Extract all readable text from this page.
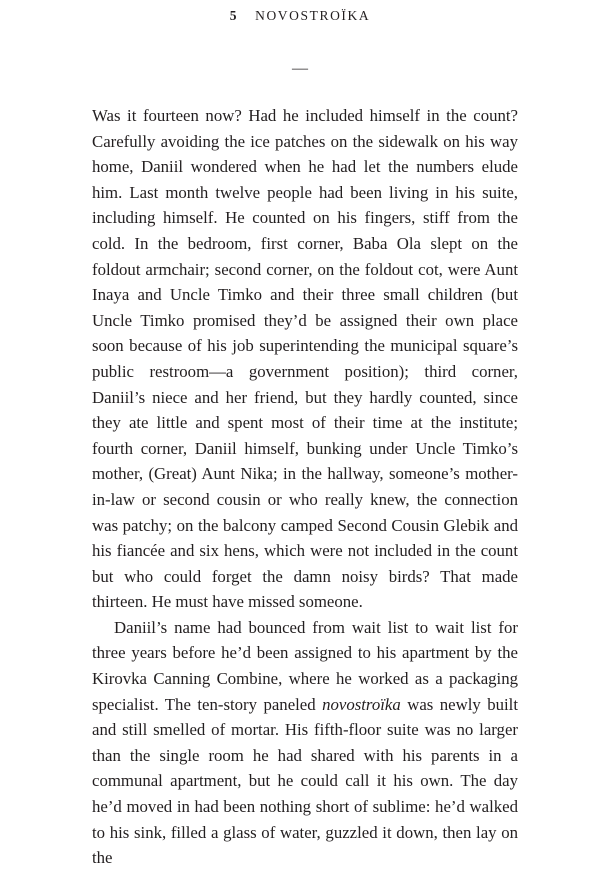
5 NOVOSTROÏKA
—

Was it fourteen now? Had he included himself in the count? Carefully avoiding the ice patches on the sidewalk on his way home, Daniil wondered when he had let the numbers elude him. Last month twelve people had been living in his suite, including himself. He counted on his fingers, stiff from the cold. In the bedroom, first corner, Baba Ola slept on the foldout armchair; second corner, on the foldout cot, were Aunt Inaya and Uncle Timko and their three small children (but Uncle Timko promised they’d be assigned their own place soon because of his job superintending the municipal square’s public restroom—a government position); third corner, Daniil’s niece and her friend, but they hardly counted, since they ate little and spent most of their time at the institute; fourth corner, Daniil himself, bunking under Uncle Timko’s mother, (Great) Aunt Nika; in the hallway, someone’s mother-in-law or second cousin or who really knew, the connection was patchy; on the balcony camped Second Cousin Glebik and his fiancée and six hens, which were not included in the count but who could forget the damn noisy birds? That made thirteen. He must have missed someone.

Daniil’s name had bounced from wait list to wait list for three years before he’d been assigned to his apartment by the Kirovka Canning Combine, where he worked as a packaging specialist. The ten-story paneled novostroïka was newly built and still smelled of mortar. His fifth-floor suite was no larger than the single room he had shared with his parents in a communal apartment, but he could call it his own. The day he’d moved in had been nothing short of sublime: he’d walked to his sink, filled a glass of water, guzzled it down, then lay on the
